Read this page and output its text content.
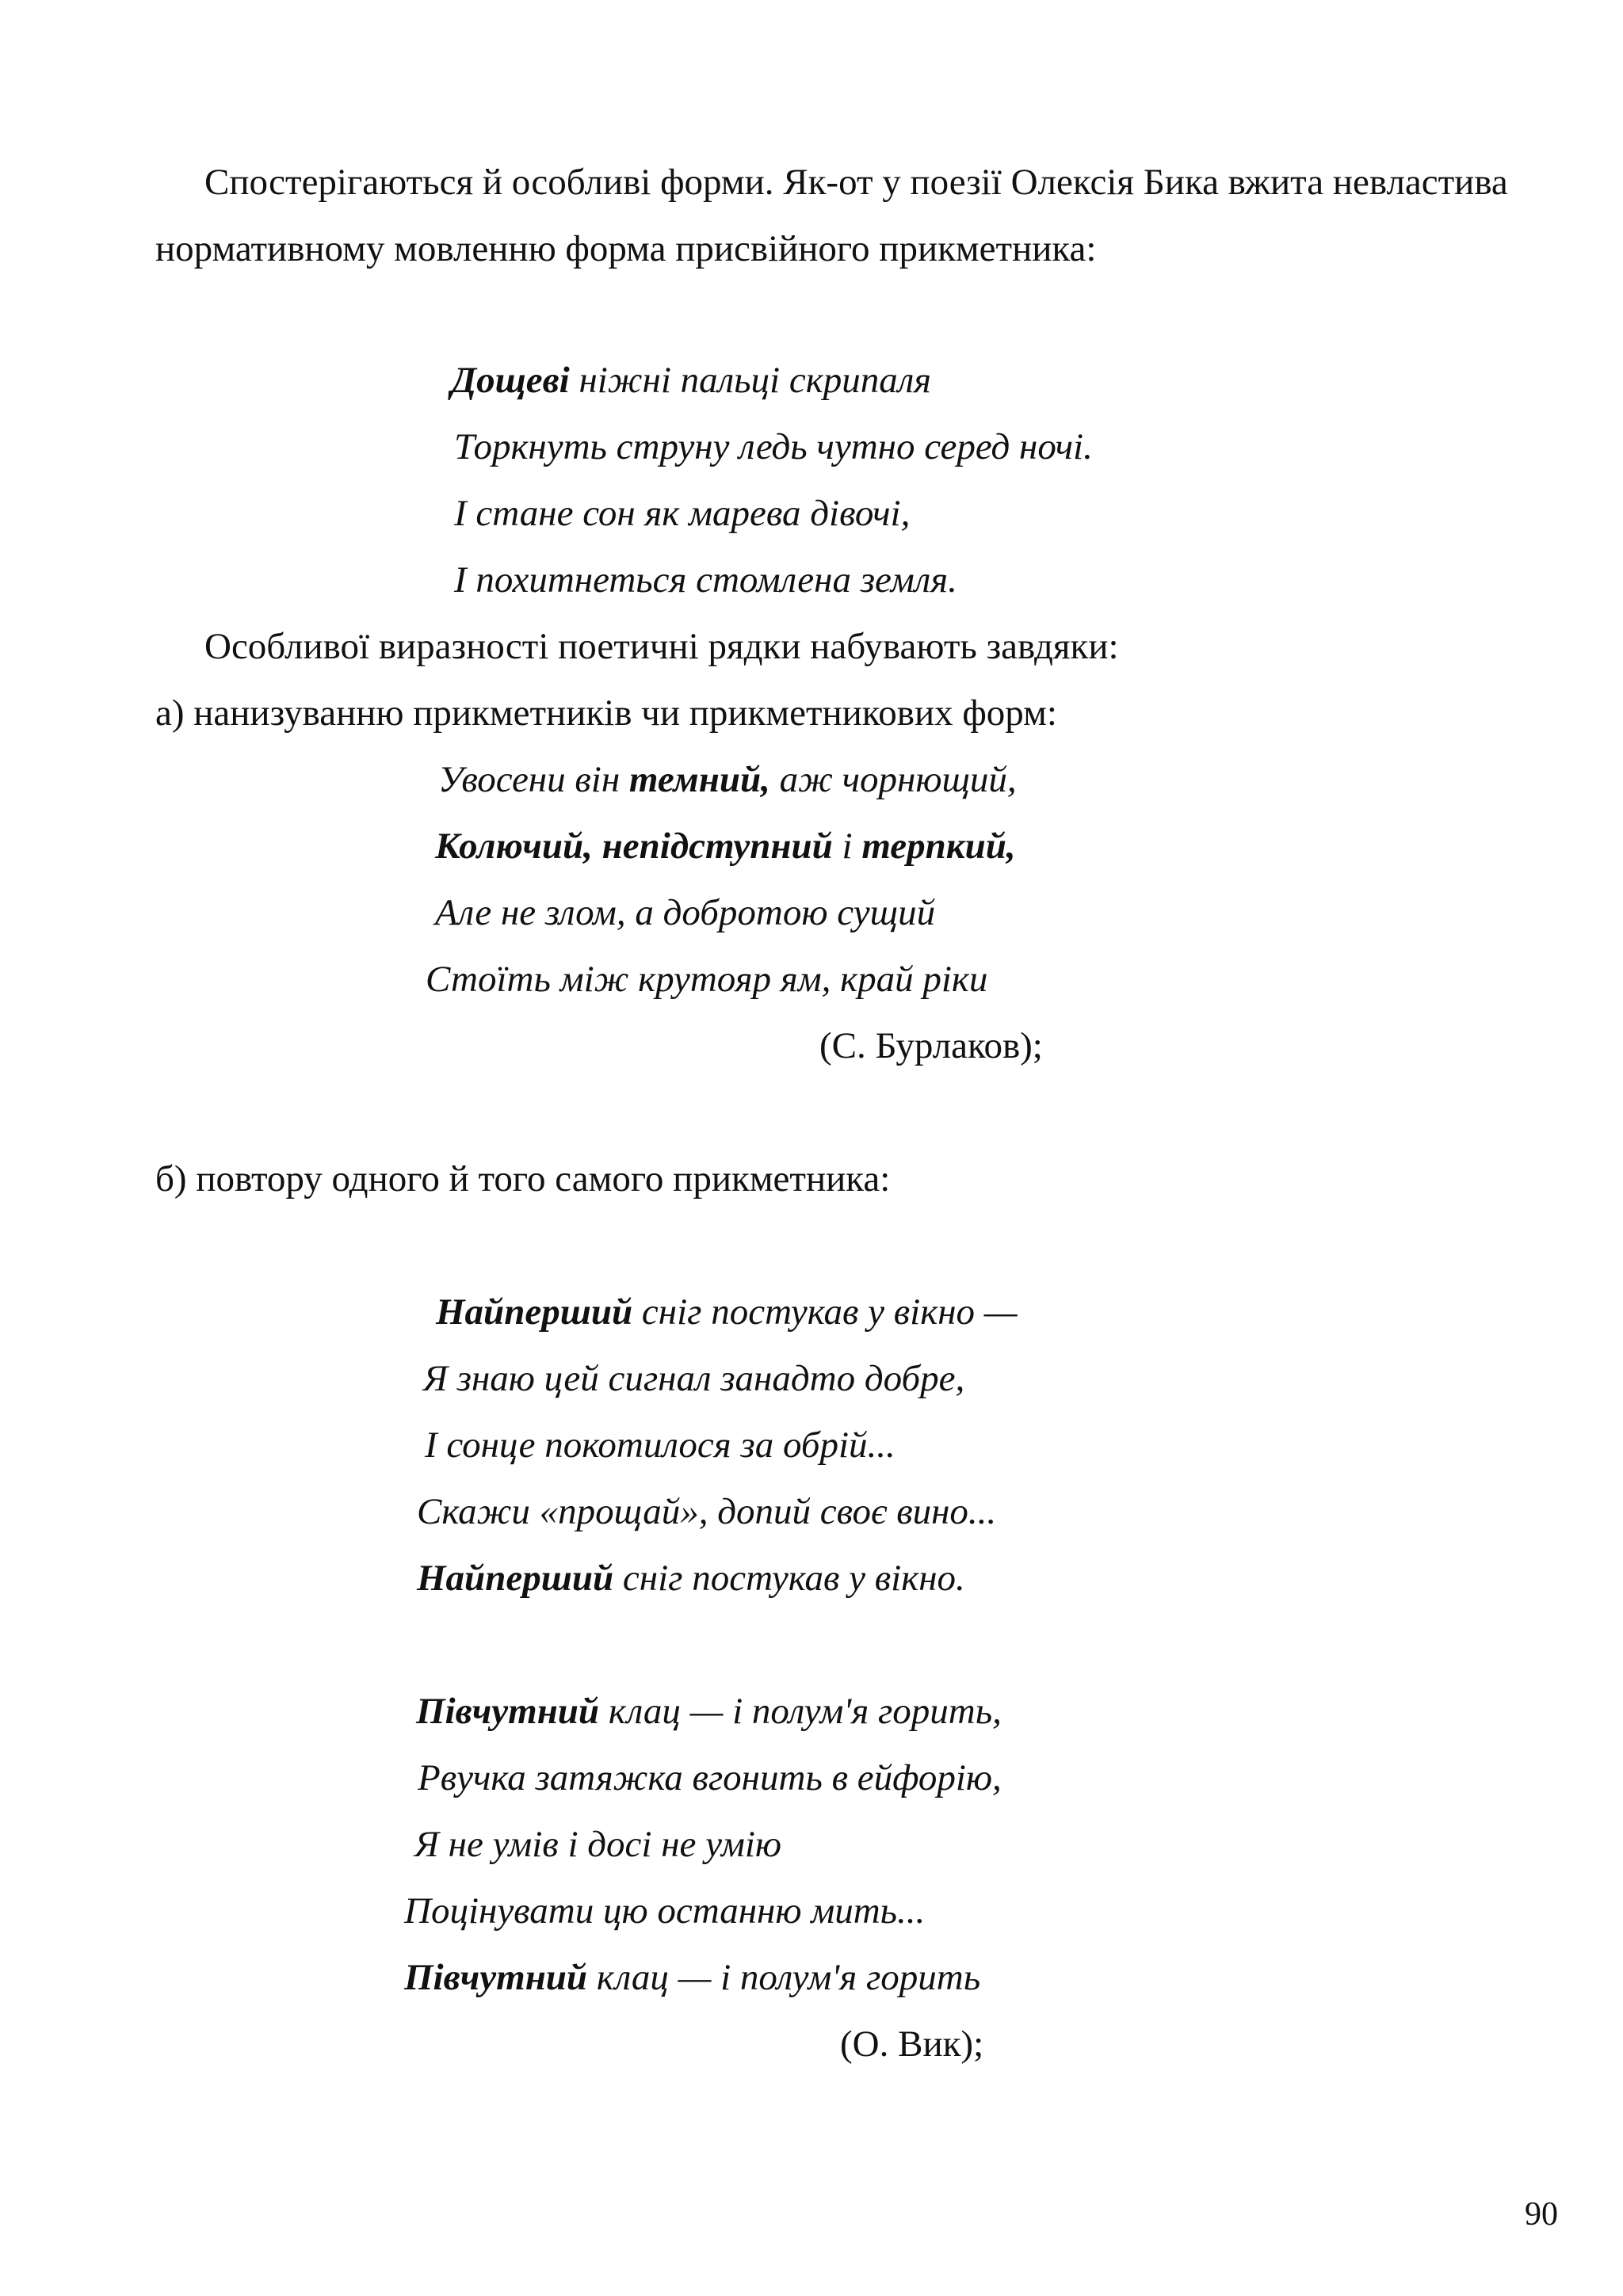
Спостерігаються й особливі форми. Як-от у поезії Олексія Бика вжита невластива
нормативному мовленню форма присвійного прикметника:
Дощеві ніжні пальці скрипаля
Торкнуть струну ледь чутно серед ночі.
І стане сон як марева дівочі,
І похитнеться стомлена земля.
Особливої виразності поетичні рядки набувають завдяки:
а) нанизуванню прикметників чи прикметникових форм:
Увосени він темний, аж чорнющий,
Колючий, непідступний і терпкий,
Але не злом, а добротою сущий
Стоїть між крутояр ям, край ріки
(С. Бурлаков);
б) повтору одного й того самого прикметника:
Найперший сніг постукав у вікно —
Я знаю цей сигнал занадто добре,
І сонце покотилося за обрій...
Скажи «прощай», допий своє вино...
Найперший сніг постукав у вікно.
Півчутний клац — і полум'я горить,
Рвучка затяжка вгонить в ейфорію,
Я не умів і досі не умію
Поцінувати цю останню мить...
Півчутний клац — і полум'я горить
(О. Вик);
90
